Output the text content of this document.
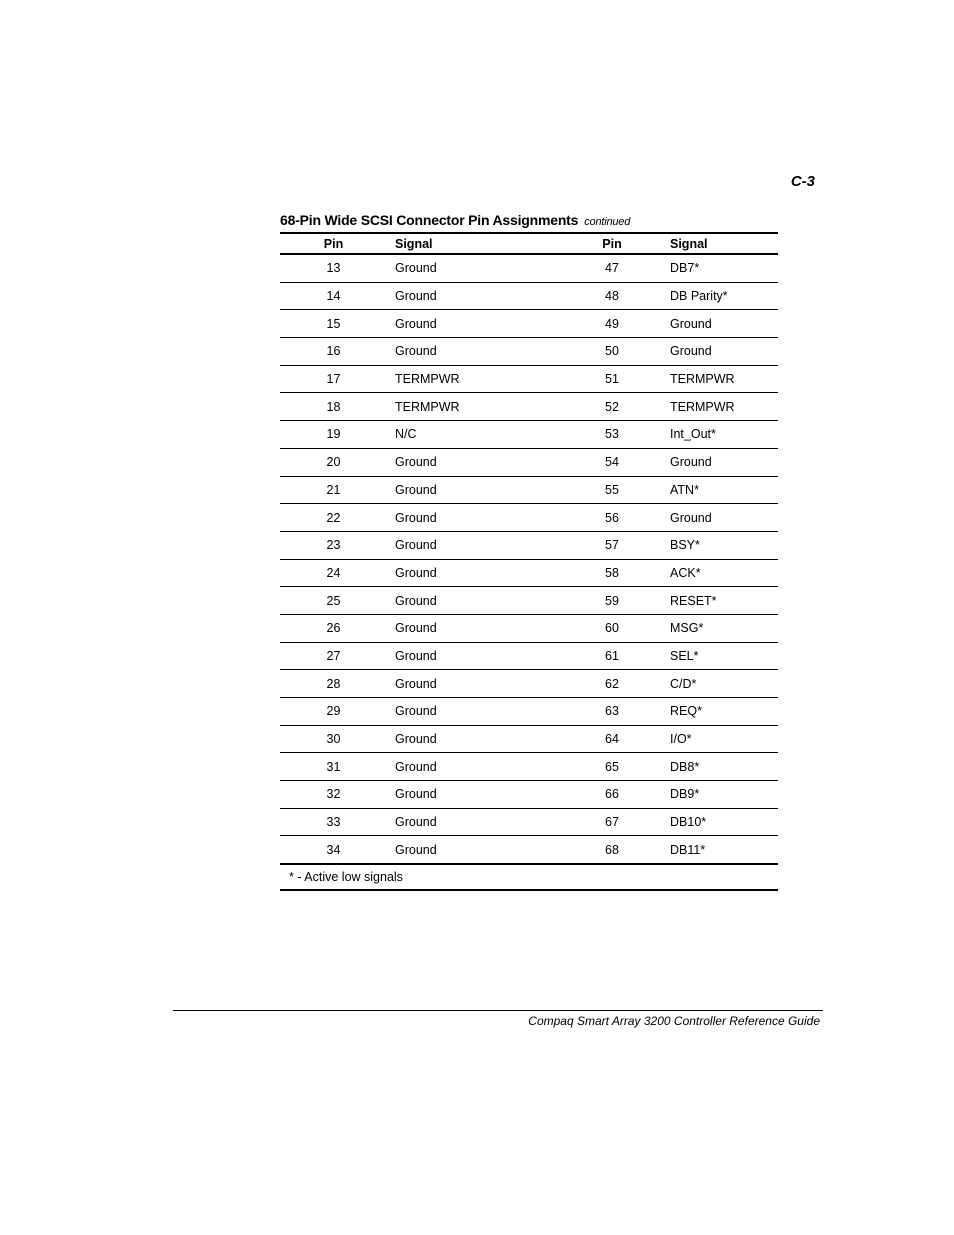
C-3
68-Pin Wide SCSI Connector Pin Assignments continued
Pin	Signal	Pin	Signal
13	Ground	47	DB7*
14	Ground	48	DB Parity*
15	Ground	49	Ground
16	Ground	50	Ground
17	TERMPWR	51	TERMPWR
18	TERMPWR	52	TERMPWR
19	N/C	53	Int_Out*
20	Ground	54	Ground
21	Ground	55	ATN*
22	Ground	56	Ground
23	Ground	57	BSY*
24	Ground	58	ACK*
25	Ground	59	RESET*
26	Ground	60	MSG*
27	Ground	61	SEL*
28	Ground	62	C/D*
29	Ground	63	REQ*
30	Ground	64	I/O*
31	Ground	65	DB8*
32	Ground	66	DB9*
33	Ground	67	DB10*
34	Ground	68	DB11*
* - Active low signals
Compaq Smart Array 3200 Controller Reference Guide
